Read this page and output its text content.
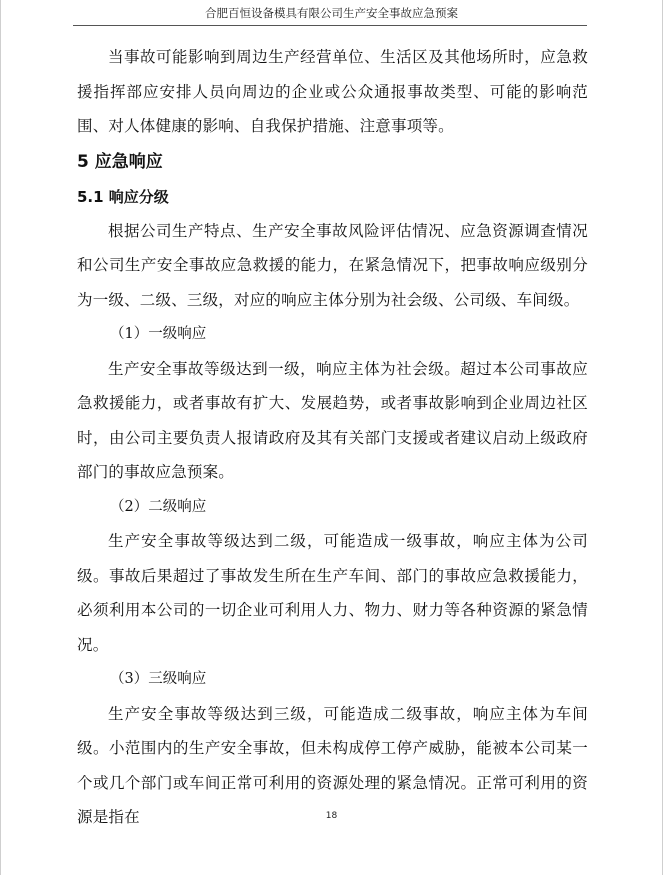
合肥百恒设备模具有限公司生产安全事故应急预案

当事故可能影响到周边生产经营单位、生活区及其他场所时，应急救援指挥部应安排人员向周边的企业或公众通报事故类型、可能的影响范围、对人体健康的影响、自我保护措施、注意事项等。

5 应急响应
5.1 响应分级

根据公司生产特点、生产安全事故风险评估情况、应急资源调查情况和公司生产安全事故应急救援的能力，在紧急情况下，把事故响应级别分为一级、二级、三级，对应的响应主体分别为社会级、公司级、车间级。

（1）一级响应

生产安全事故等级达到一级，响应主体为社会级。超过本公司事故应急救援能力，或者事故有扩大、发展趋势，或者事故影响到企业周边社区时，由公司主要负责人报请政府及其有关部门支援或者建议启动上级政府部门的事故应急预案。

（2）二级响应

生产安全事故等级达到二级，可能造成一级事故，响应主体为公司级。事故后果超过了事故发生所在生产车间、部门的事故应急救援能力，必须利用本公司的一切企业可利用人力、物力、财力等各种资源的紧急情况。

（3）三级响应

生产安全事故等级达到三级，可能造成二级事故，响应主体为车间级。小范围内的生产安全事故，但未构成停工停产威胁，能被本公司某一个或几个部门或车间正常可利用的资源处理的紧急情况。正常可利用的资源是指在	18
